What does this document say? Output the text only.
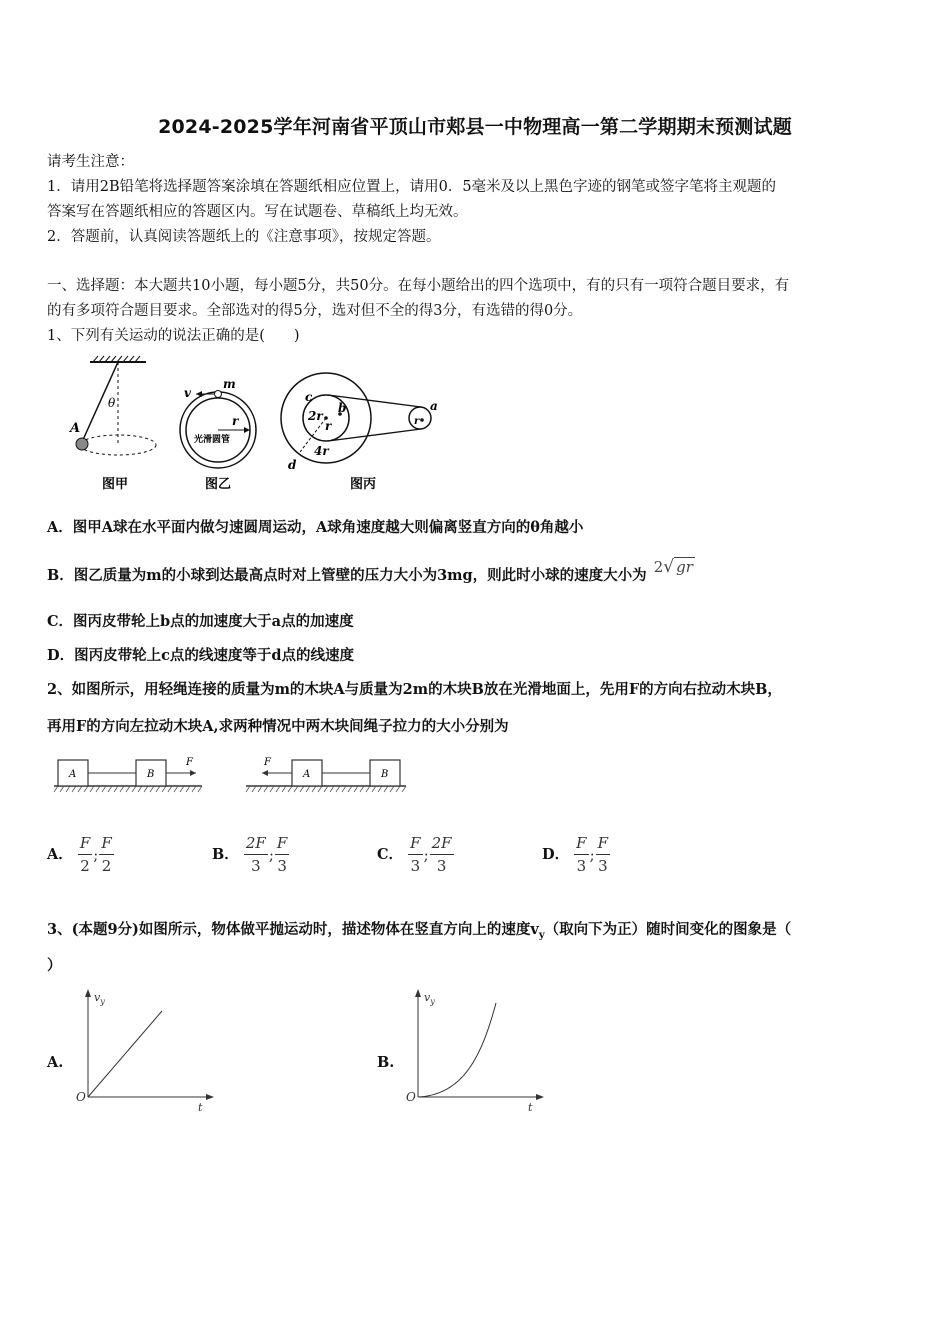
2024-2025学年河南省平顶山市郏县一中物理高一第二学期期末预测试题
请考生注意：
1．请用2B铅笔将选择题答案涂填在答题纸相应位置上，请用0．5毫米及以上黑色字迹的钢笔或签字笔将主观题的
答案写在答题纸相应的答题区内。写在试题卷、草稿纸上均无效。
2．答题前，认真阅读答题纸上的《注意事项》，按规定答题。
一、选择题：本大题共10小题，每小题5分，共50分。在每小题给出的四个选项中，有的只有一项符合题目要求，有
的有多项符合题目要求。全部选对的得5分，选对但不全的得3分，有选错的得0分。
1、下列有关运动的说法正确的是(　　)
A
θ
图甲
v
m
r
光滑圆管
图乙
c
b	a
d
2r
r	r
4r
图丙
A．图甲A球在水平面内做匀速圆周运动，A球角速度越大则偏离竖直方向的θ角越小
B．图乙质量为m的小球到达最高点时对上管壁的压力大小为3mg，则此时小球的速度大小为 2√ gr
C．图丙皮带轮上b点的加速度大于a点的加速度
D．图丙皮带轮上c点的线速度等于d点的线速度
2、如图所示，用轻绳连接的质量为m的木块A与质量为2m的木块B放在光滑地面上，先用F的方向右拉动木块B，
再用F的方向左拉动木块A,求两种情况中两木块间绳子拉力的大小分别为
A	B
F
A	B
F
A． $\frac{F}{2}$ ; $\frac{F}{2}$	B． $\frac{2F}{3}$ ; $\frac{F}{3}$	C． $\frac{F}{3}$ ; $\frac{2F}{3}$	D． $\frac{F}{3}$ ; $\frac{F}{3}$
3、(本题9分)如图所示，物体做平抛运动时，描述物体在竖直方向上的速度$v_y$（取向下为正）随时间变化的图象是（
）
A.
$v_y$
t
O
B.
$v_y$
t
O
